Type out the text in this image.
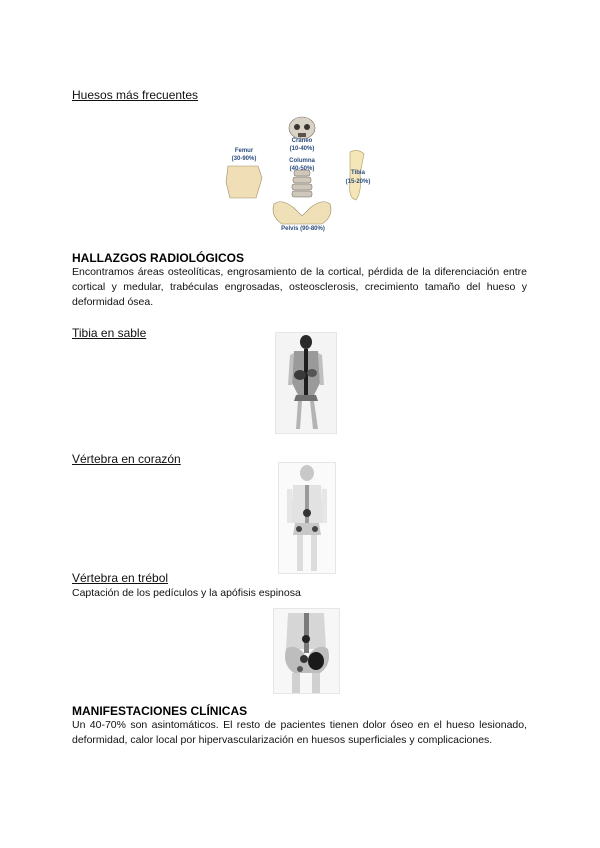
Huesos más frecuentes
Cráneo
(10-40%)
Columna
(40-50%)
Femur
(30-90%)
Tibia
(15-20%)
Pelvis (90-80%)
HALLAZGOS RADIOLÓGICOS
Encontramos áreas osteolíticas, engrosamiento de la cortical, pérdida de la diferenciación entre cortical y medular, trabéculas engrosadas, osteosclerosis, crecimiento tamaño del hueso y deformidad ósea.
Tibia en sable
Vértebra en corazón
Vértebra en trébol
Captación de los pedículos y la apófisis espinosa
MANIFESTACIONES CLÍNICAS
Un 40-70% son asintomáticos. El resto de pacientes tienen dolor óseo en el hueso lesionado, deformidad, calor local por hipervascularización en huesos superficiales y complicaciones.
